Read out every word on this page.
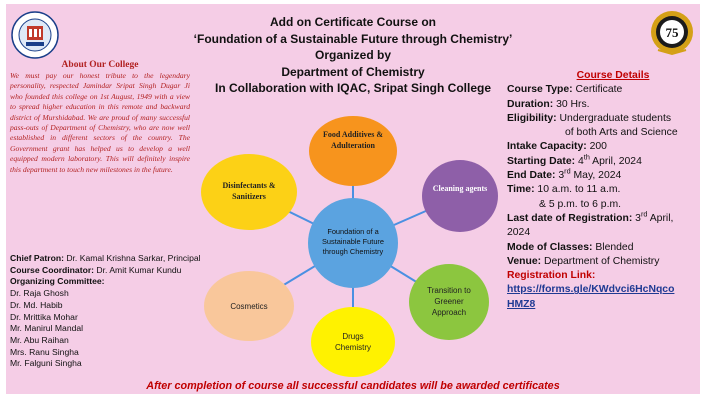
75
Add on Certificate Course on
‘Foundation of a Sustainable Future through Chemistry’
Organized by
Department of Chemistry
In Collaboration with IQAC, Sripat Singh College
About Our College
We must pay our honest tribute to the legendary personality, respected Jamindar Sripat Singh Dugar Ji who founded this college on 1st August, 1949 with a view to spread higher education in this remote and backward district of Murshidabad. We are proud of many successful pass-outs of Department of Chemistry, who are now well established in different sectors of the country. The Government grant has helped us to develop a well equipped modern laboratory. This will definitely inspire this department to touch new milestones in the future.
Chief Patron: Dr. Kamal Krishna Sarkar, Principal
Course Coordinator: Dr. Amit Kumar Kundu
Organizing Committee:
Dr. Raja Ghosh
Dr. Md. Habib
Dr. Mrittika Mohar
Mr. Manirul Mandal
Mr. Abu Raihan
Mrs. Ranu Singha
Mr. Falguni Singha
Food Additives & Adulteration
Cleaning agents
Transition to Greener Approach
Drugs Chemistry
Cosmetics
Disinfectants & Sanitizers
Foundation of a Sustainable Future through Chemistry
Course Details
Course Type: Certificate
Duration: 30 Hrs.
Eligibility: Undergraduate students
of both Arts and Science
Intake Capacity: 200
Starting Date: 4th April, 2024
End Date: 3rd May, 2024
Time: 10 a.m. to 11 a.m.
& 5 p.m. to 6 p.m.
Last date of Registration: 3rd April, 2024
Mode of Classes: Blended
Venue: Department of Chemistry
Registration Link:
https://forms.gle/KWdvci6HcNqco
HMZ8
After completion of course all successful candidates will be awarded certificates
